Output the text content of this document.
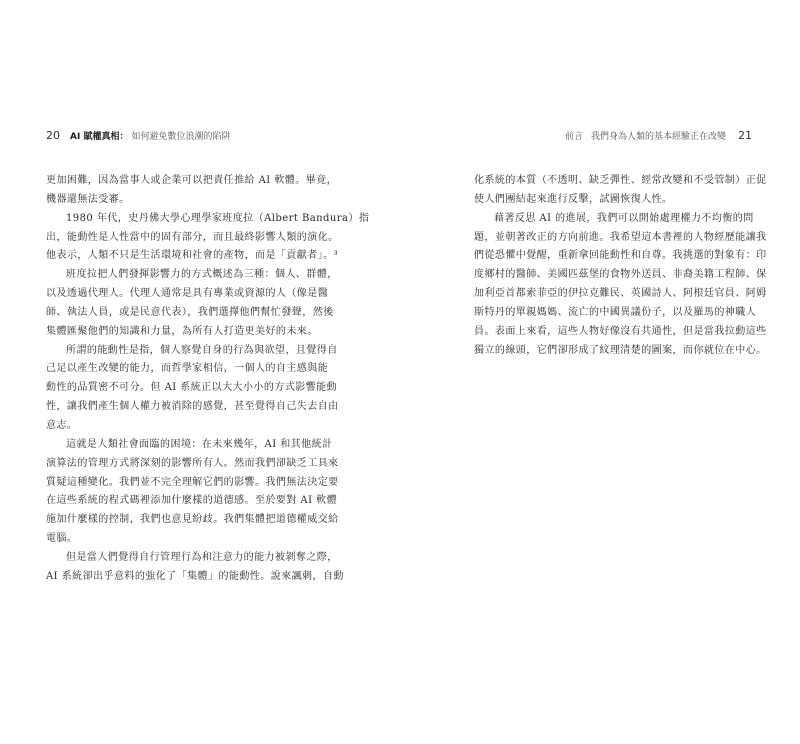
20 AI 賦權真相： 如何避免數位浪潮的陷阱
更加困難，因為當事人或企業可以把責任推給 AI 軟體。畢竟，
機器還無法受審。
1980 年代，史丹佛大學心理學家班度拉（Albert Bandura）指
出，能動性是人性當中的固有部分，而且最終影響人類的演化。
他表示，人類不只是生活環境和社會的產物，而是「貢獻者」。³
班度拉把人們發揮影響力的方式概述為三種：個人、群體，
以及透過代理人。代理人通常是具有專業或資源的人（像是醫
師、執法人員，或是民意代表），我們選擇他們幫忙發聲，然後
集體匯聚他們的知識和力量，為所有人打造更美好的未來。
所謂的能動性是指，個人察覺自身的行為與欲望，且覺得自
己足以產生改變的能力，而哲學家相信，一個人的自主感與能
動性的品質密不可分。但 AI 系統正以大大小小的方式影響能動
性，讓我們產生個人權力被消除的感覺，甚至覺得自己失去自由
意志。
這就是人類社會面臨的困境：在未來幾年，AI 和其他統計
演算法的管理方式將深刻的影響所有人。然而我們卻缺乏工具來
質疑這種變化。我們並不完全理解它們的影響。我們無法決定要
在這些系統的程式碼裡添加什麼樣的道德感。至於要對 AI 軟體
施加什麼樣的控制，我們也意見紛歧。我們集體把道德權威交給
電腦。
但是當人們覺得自行管理行為和注意力的能力被剝奪之際，
AI 系統卻出乎意料的強化了「集體」的能動性。說來諷刺，自動
前言 我們身為人類的基本經驗正在改變 21
化系統的本質（不透明、缺乏彈性、經常改變和不受管制）正促
使人們團結起來進行反擊，試圖恢復人性。
藉著反思 AI 的進展，我們可以開始處理權力不均衡的問
題，並朝著改正的方向前進。我希望這本書裡的人物經歷能讓我
們從恐懼中覺醒，重新拿回能動性和自尊。我挑選的對象有：印
度鄉村的醫師、美國匹茲堡的食物外送員、非裔美籍工程師、保
加利亞首都索菲亞的伊拉克難民、英國詩人、阿根廷官員、阿姆
斯特丹的單親媽媽、流亡的中國異議份子，以及羅馬的神職人
員。表面上來看，這些人物好像沒有共通性，但是當我拉動這些
獨立的線頭，它們卻形成了紋理清楚的圖案，而你就位在中心。
